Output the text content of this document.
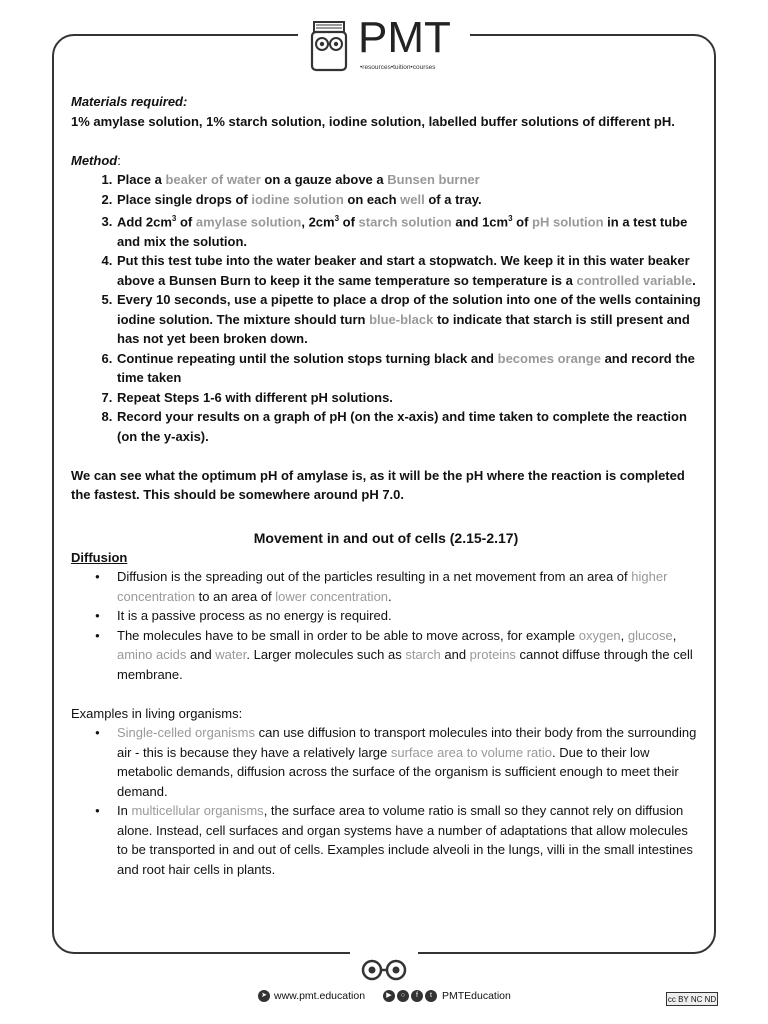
PMT
•resources•tuition•courses

Materials required:

1% amylase solution, 1% starch solution, iodine solution, labelled buffer solutions of different pH.

Method:

1. Place a beaker of water on a gauze above a Bunsen burner
2. Place single drops of iodine solution on each well of a tray.
3. Add $2cm^3$ of amylase solution, $2cm^3$ of starch solution and $1cm^3$ of pH solution in a test tube and mix the solution.
4. Put this test tube into the water beaker and start a stopwatch. We keep it in this water beaker above a Bunsen Burn to keep it the same temperature so temperature is a controlled variable.
5. Every 10 seconds, use a pipette to place a drop of the solution into one of the wells containing iodine solution. The mixture should turn blue-black to indicate that starch is still present and has not yet been broken down.
6. Continue repeating until the solution stops turning black and becomes orange and record the time taken
7. Repeat Steps 1-6 with different pH solutions.
8. Record your results on a graph of pH (on the x-axis) and time taken to complete the reaction (on the y-axis).

We can see what the optimum pH of amylase is, as it will be the pH where the reaction is completed the fastest. This should be somewhere around pH 7.0.

Movement in and out of cells (2.15-2.17)

Diffusion

● Diffusion is the spreading out of the particles resulting in a net movement from an area of higher concentration to an area of lower concentration.
● It is a passive process as no energy is required.
● The molecules have to be small in order to be able to move across, for example oxygen, glucose, amino acids and water. Larger molecules such as starch and proteins cannot diffuse through the cell membrane.

Examples in living organisms:

● Single-celled organisms can use diffusion to transport molecules into their body from the surrounding air - this is because they have a relatively large surface area to volume ratio. Due to their low metabolic demands, diffusion across the surface of the organism is sufficient enough to meet their demand.
● In multicellular organisms, the surface area to volume ratio is small so they cannot rely on diffusion alone. Instead, cell surfaces and organ systems have a number of adaptations that allow molecules to be transported in and out of cells. Examples include alveoli in the lungs, villi in the small intestines and root hair cells in plants.
➤ www.pmt.education	▶	○	f	t PMTEducation	cc BY NC ND
